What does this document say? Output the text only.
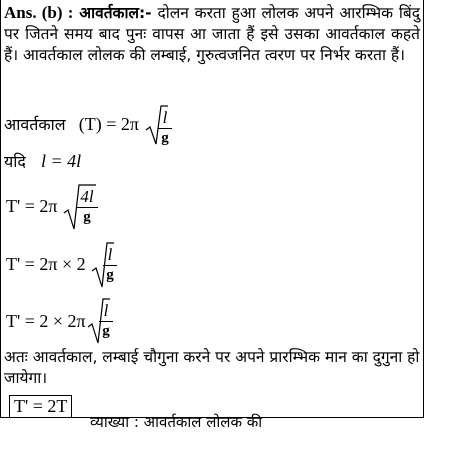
Ans. (b) : आवर्तकाल:- दोलन करता हुआ लोलक अपने आरम्भिक बिंदु पर जितने समय बाद पुनः वापस आ जाता हैं इसे उसका आवर्तकाल कहते हैं। आवर्तकाल लोलक की लम्बाई, गुरुत्वजनित त्वरण पर निर्भर करता हैं।
आवर्तकाल (T) = 2π l
g
यदि l = 4l
T' = 2π 4l
g
T' = 2π × 2 l
g
T' = 2 × 2π
l
g
अतः आवर्तकाल, लम्बाई चौगुना करने पर अपने प्रारम्भिक मान का दुगुना हो जायेगा।
T' = 2T
व्याख्या : आवर्तकाल लोलक की
